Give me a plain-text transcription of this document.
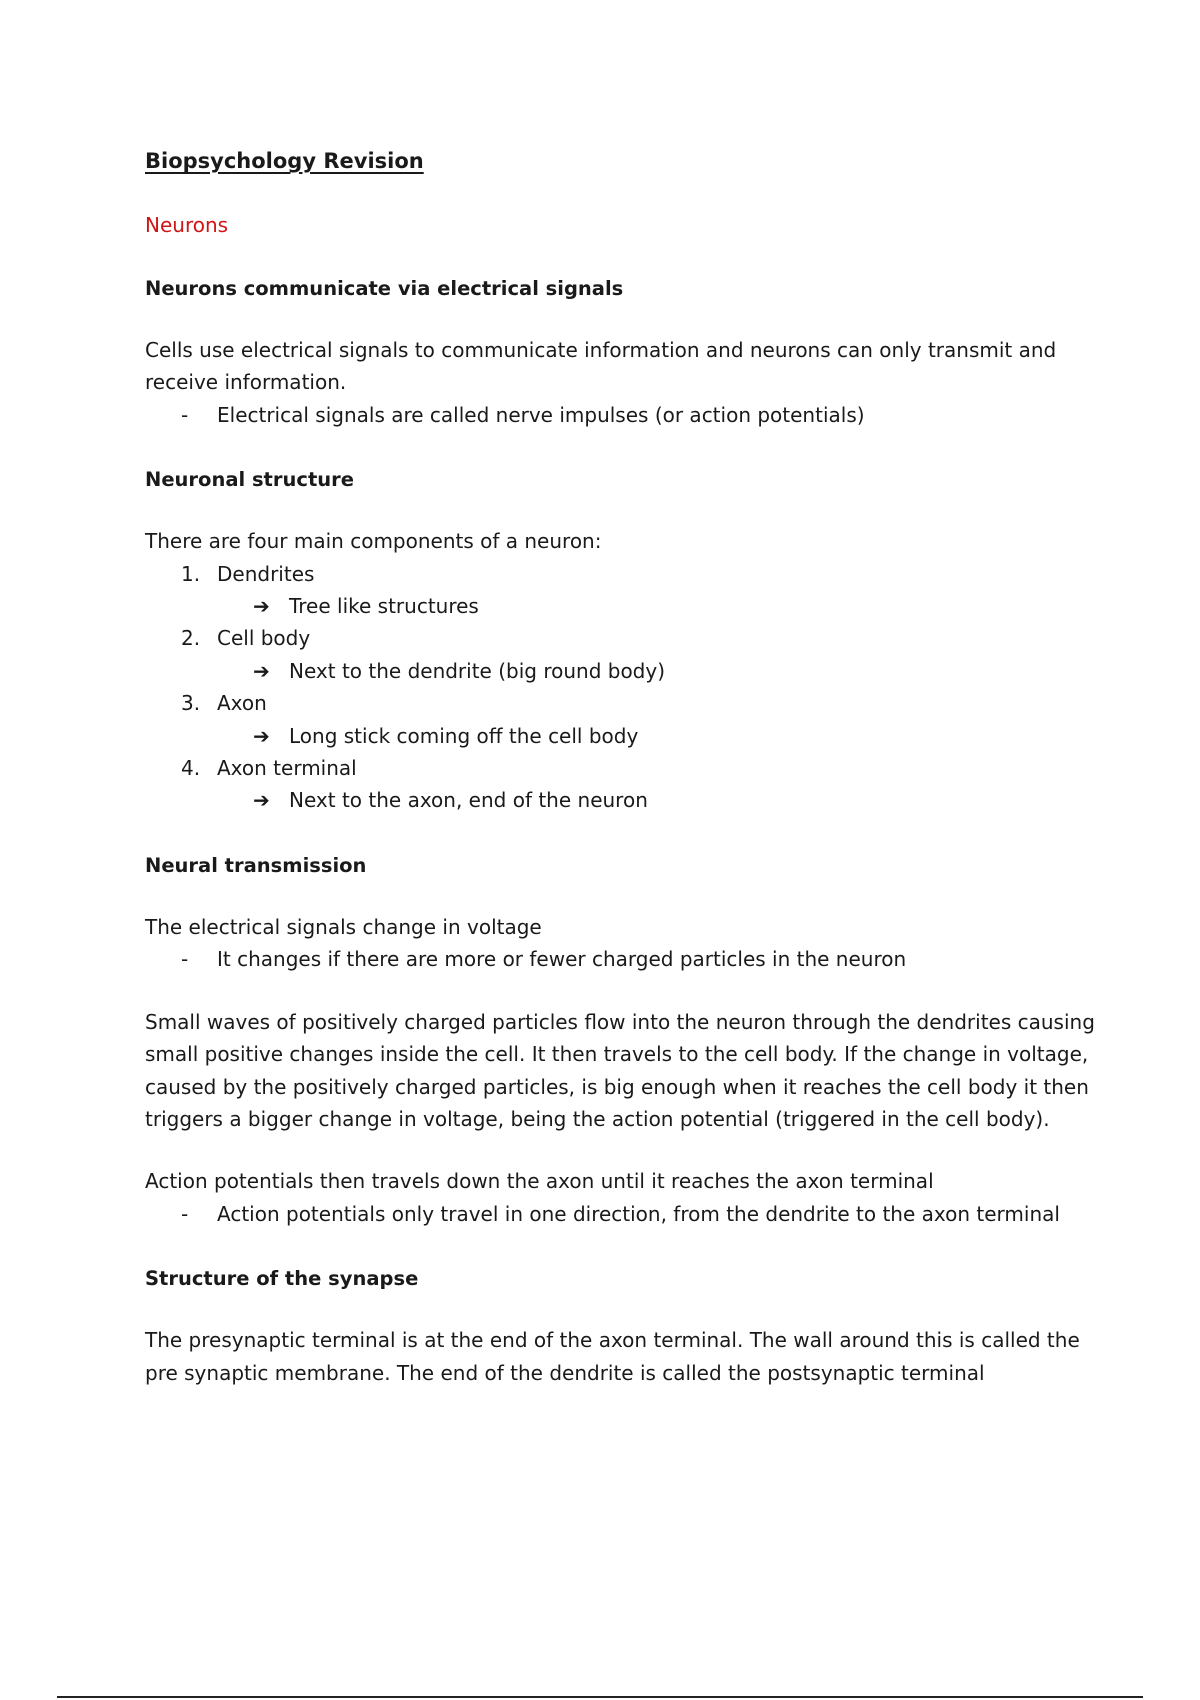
Biopsychology Revision
Neurons
Neurons communicate via electrical signals

Cells use electrical signals to communicate information and neurons can only transmit and receive information.

-	Electrical signals are called nerve impulses (or action potentials)
Neuronal structure

There are four main components of a neuron:

1. Dendrites
➔ Tree like structures
2. Cell body
➔ Next to the dendrite (big round body)
3. Axon
➔ Long stick coming off the cell body
4. Axon terminal
➔ Next to the axon, end of the neuron
Neural transmission

The electrical signals change in voltage

-	It changes if there are more or fewer charged particles in the neuron

Small waves of positively charged particles flow into the neuron through the dendrites causing small positive changes inside the cell. It then travels to the cell body. If the change in voltage, caused by the positively charged particles, is big enough when it reaches the cell body it then triggers a bigger change in voltage, being the action potential (triggered in the cell body).

Action potentials then travels down the axon until it reaches the axon terminal

-	Action potentials only travel in one direction, from the dendrite to the axon terminal
Structure of the synapse

The presynaptic terminal is at the end of the axon terminal. The wall around this is called the pre synaptic membrane. The end of the dendrite is called the postsynaptic terminal
